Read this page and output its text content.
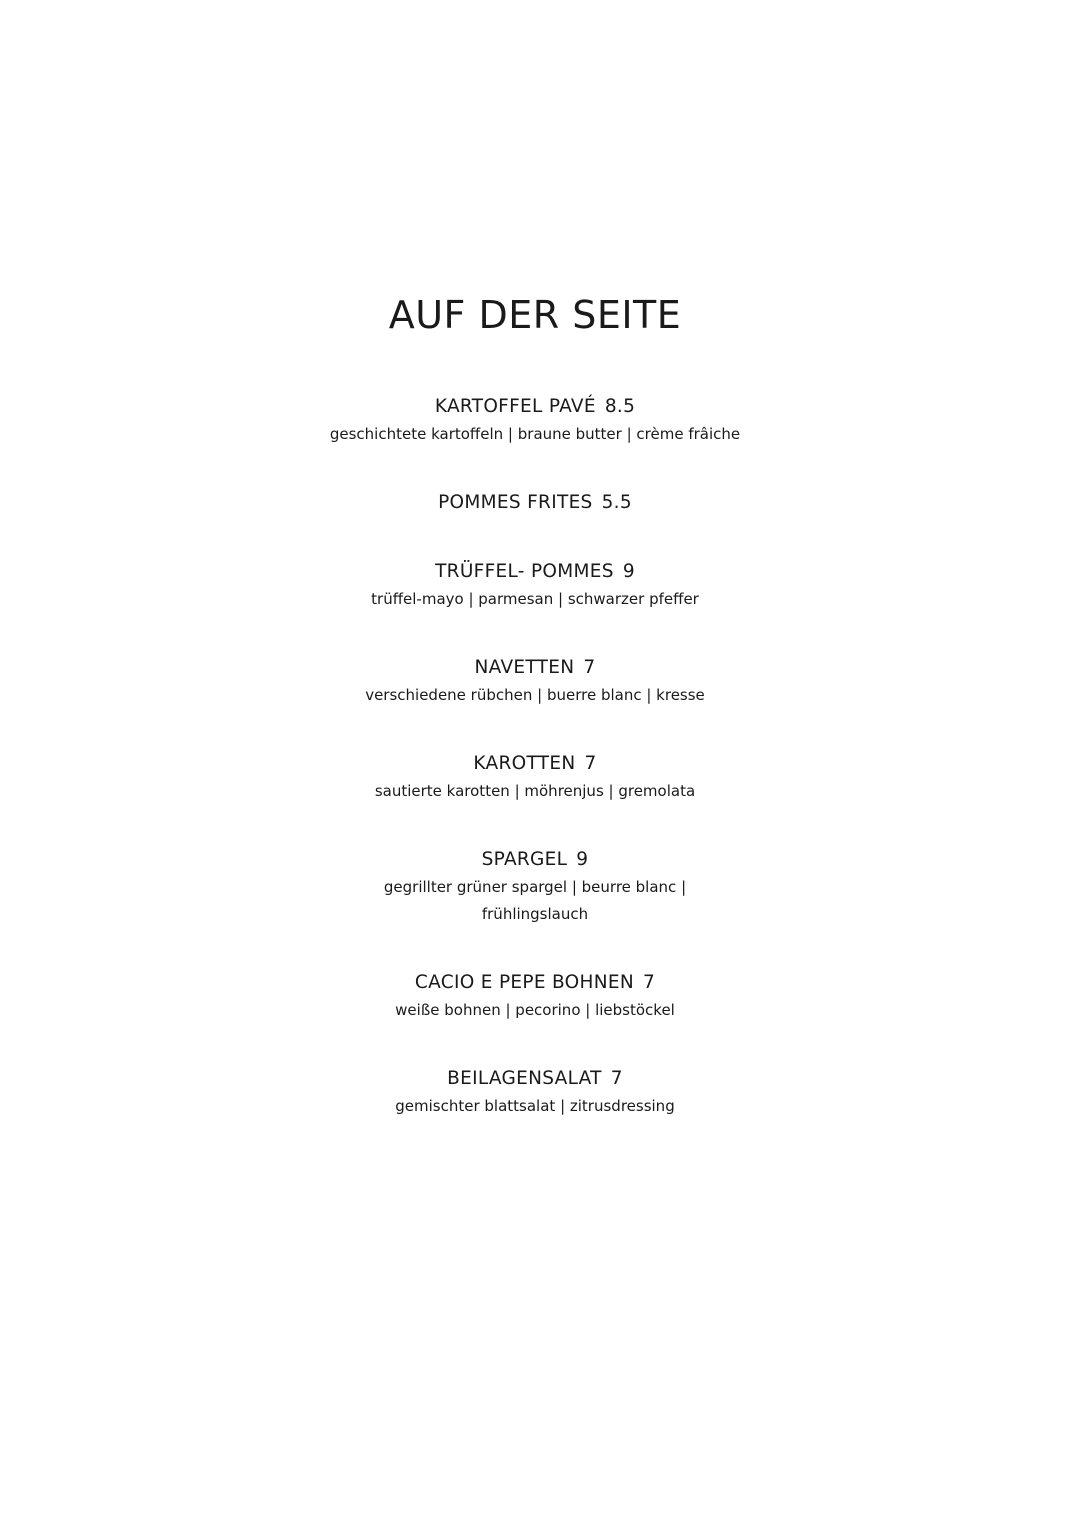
AUF DER SEITE
KARTOFFEL PAVÉ 8.5
geschichtete kartoffeln | braune butter | crème frâiche
POMMES FRITES 5.5
TRÜFFEL- POMMES 9
trüffel-mayo | parmesan | schwarzer pfeffer
NAVETTEN 7
verschiedene rübchen | buerre blanc | kresse
KAROTTEN 7
sautierte karotten | möhrenjus | gremolata
SPARGEL 9
gegrillter grüner spargel | beurre blanc |
frühlingslauch
CACIO E PEPE BOHNEN 7
weiße bohnen | pecorino | liebstöckel
BEILAGENSALAT 7
gemischter blattsalat | zitrusdressing
